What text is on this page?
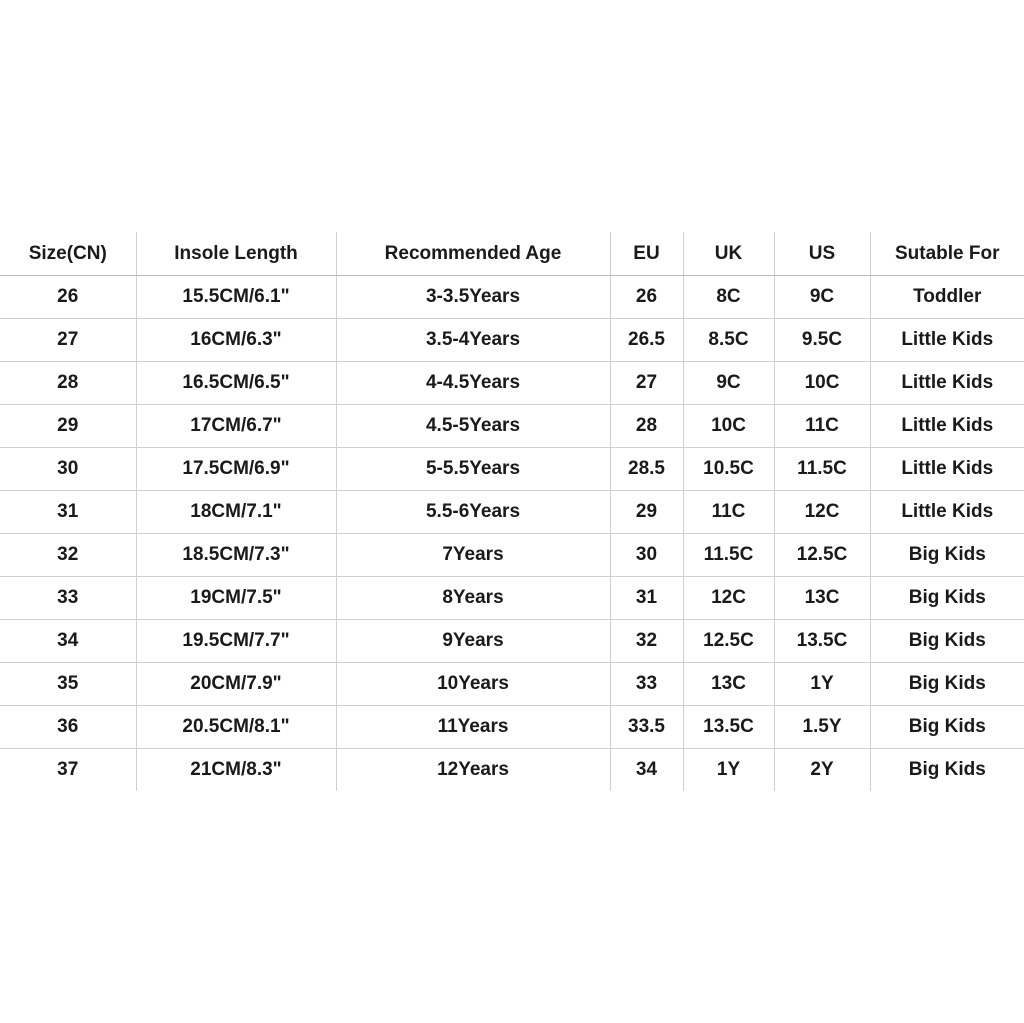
Size(CN)	Insole Length	Recommended Age	EU	UK	US	Sutable For
26	15.5CM/6.1"	3-3.5Years	26	8C	9C	Toddler
27	16CM/6.3"	3.5-4Years	26.5	8.5C	9.5C	Little Kids
28	16.5CM/6.5"	4-4.5Years	27	9C	10C	Little Kids
29	17CM/6.7"	4.5-5Years	28	10C	11C	Little Kids
30	17.5CM/6.9"	5-5.5Years	28.5	10.5C	11.5C	Little Kids
31	18CM/7.1"	5.5-6Years	29	11C	12C	Little Kids
32	18.5CM/7.3"	7Years	30	11.5C	12.5C	Big Kids
33	19CM/7.5"	8Years	31	12C	13C	Big Kids
34	19.5CM/7.7"	9Years	32	12.5C	13.5C	Big Kids
35	20CM/7.9"	10Years	33	13C	1Y	Big Kids
36	20.5CM/8.1"	11Years	33.5	13.5C	1.5Y	Big Kids
37	21CM/8.3"	12Years	34	1Y	2Y	Big Kids
